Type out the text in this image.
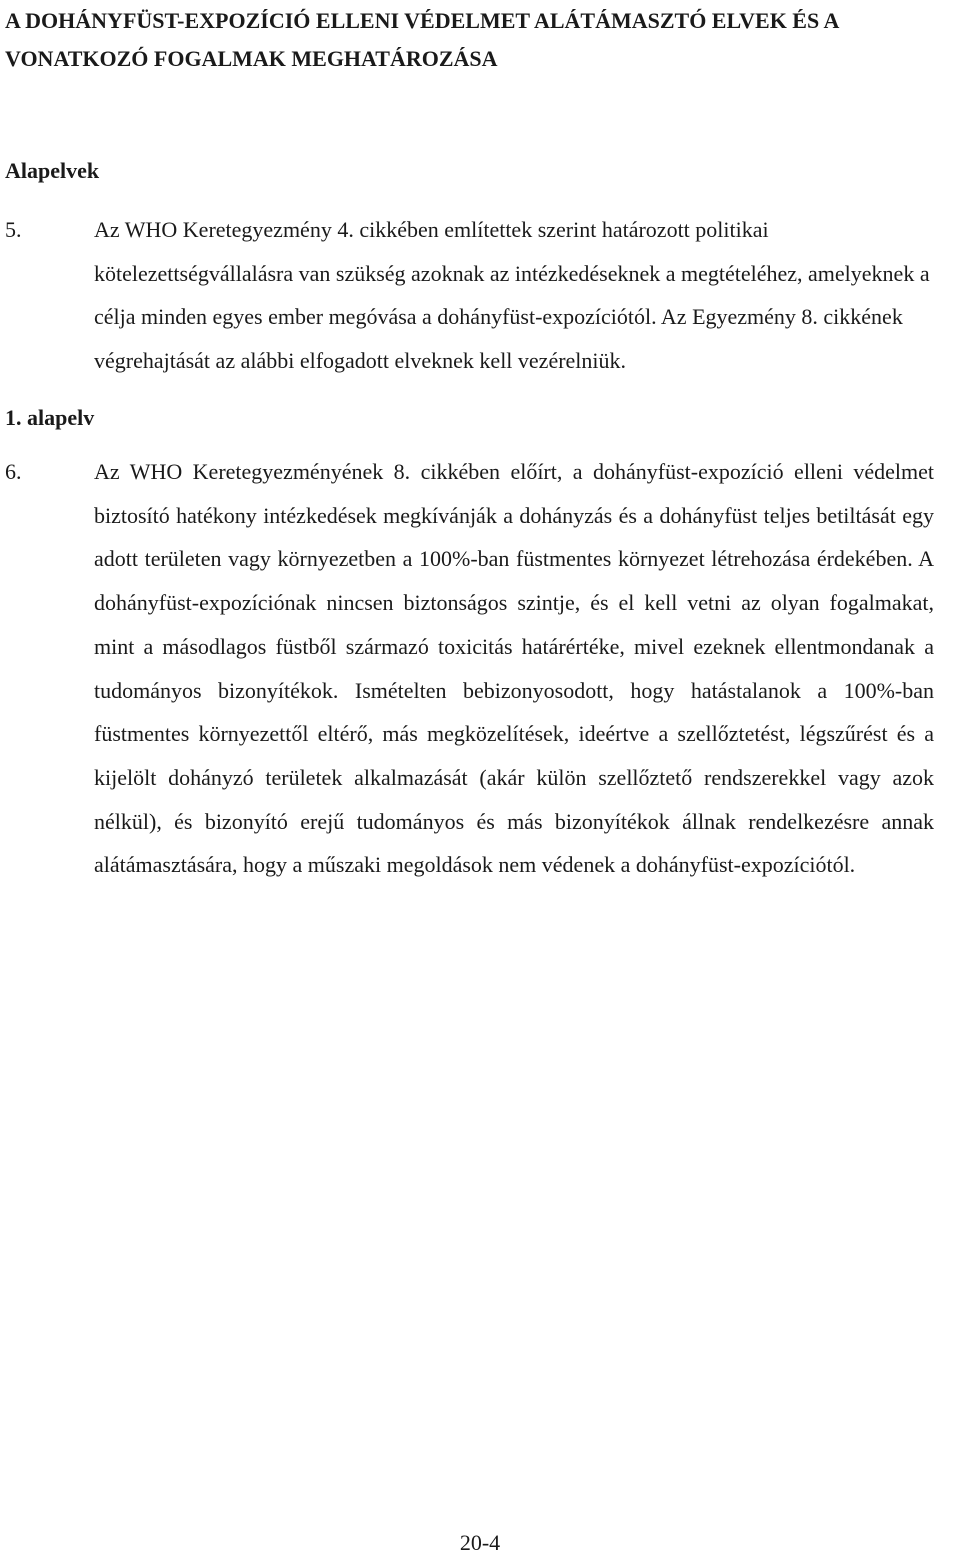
A DOHÁNYFÜST-EXPOZÍCIÓ ELLENI VÉDELMET ALÁTÁMASZTÓ ELVEK ÉS A VONATKOZÓ FOGALMAK MEGHATÁROZÁSA
Alapelvek
5.	Az WHO Keretegyezmény 4. cikkében említettek szerint határozott politikai kötelezettségvállalásra van szükség azoknak az intézkedéseknek a megtételéhez, amelyeknek a célja minden egyes ember megóvása a dohányfüst-expozíciótól. Az Egyezmény 8. cikkének végrehajtását az alábbi elfogadott elveknek kell vezérelniük.
1. alapelv
6.	Az WHO Keretegyezményének 8. cikkében előírt, a dohányfüst-expozíció elleni védelmet biztosító hatékony intézkedések megkívánják a dohányzás és a dohányfüst teljes betiltását egy adott területen vagy környezetben a 100%-ban füstmentes környezet létrehozása érdekében. A dohányfüst-expozíciónak nincsen biztonságos szintje, és el kell vetni az olyan fogalmakat, mint a másodlagos füstből származó toxicitás határértéke, mivel ezeknek ellentmondanak a tudományos bizonyítékok. Ismételten bebizonyosodott, hogy hatástalanok a 100%-ban füstmentes környezettől eltérő, más megközelítések, ideértve a szellőztetést, légszűrést és a kijelölt dohányzó területek alkalmazását (akár külön szellőztető rendszerekkel vagy azok nélkül), és bizonyító erejű tudományos és más bizonyítékok állnak rendelkezésre annak alátámasztására, hogy a műszaki megoldások nem védenek a dohányfüst-expozíciótól.

20-4
